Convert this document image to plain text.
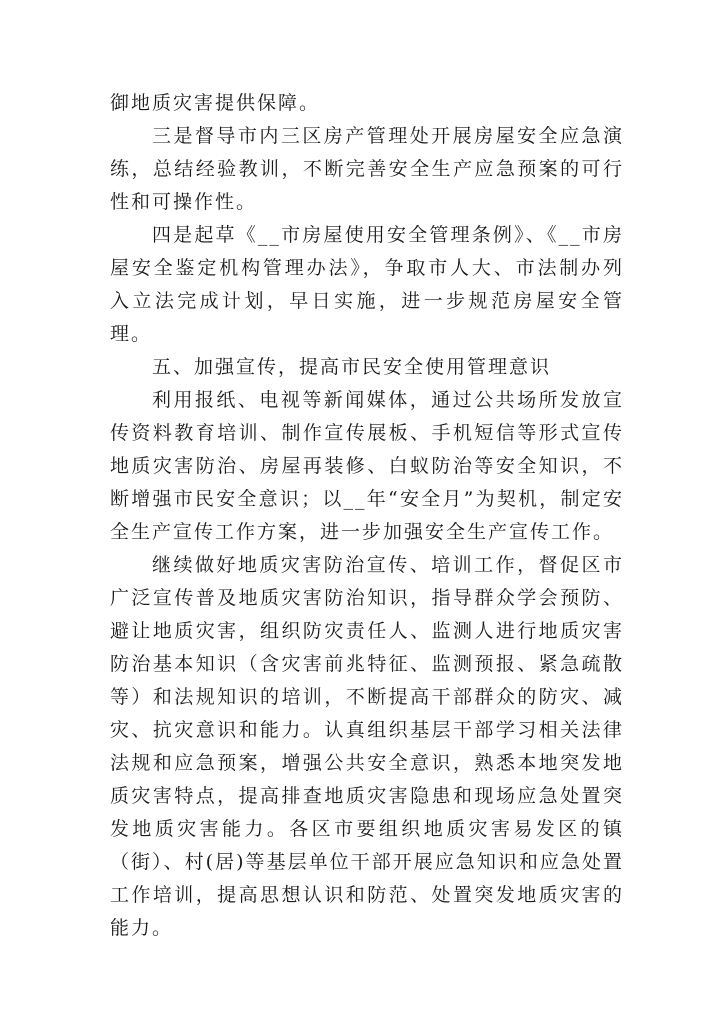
御地质灾害提供保障。

三是督导市内三区房产管理处开展房屋安全应急演练，总结经验教训，不断完善安全生产应急预案的可行性和可操作性。

四是起草《__市房屋使用安全管理条例》、《__市房屋安全鉴定机构管理办法》，争取市人大、市法制办列入立法完成计划，早日实施，进一步规范房屋安全管理。

五、加强宣传，提高市民安全使用管理意识

利用报纸、电视等新闻媒体，通过公共场所发放宣传资料教育培训、制作宣传展板、手机短信等形式宣传地质灾害防治、房屋再装修、白蚁防治等安全知识，不断增强市民安全意识；以__年“安全月”为契机，制定安全生产宣传工作方案，进一步加强安全生产宣传工作。

继续做好地质灾害防治宣传、培训工作，督促区市广泛宣传普及地质灾害防治知识，指导群众学会预防、避让地质灾害，组织防灾责任人、监测人进行地质灾害防治基本知识（含灾害前兆特征、监测预报、紧急疏散等）和法规知识的培训，不断提高干部群众的防灾、减灾、抗灾意识和能力。认真组织基层干部学习相关法律法规和应急预案，增强公共安全意识，熟悉本地突发地质灾害特点，提高排查地质灾害隐患和现场应急处置突发地质灾害能力。各区市要组织地质灾害易发区的镇（街）、村(居)等基层单位干部开展应急知识和应急处置工作培训，提高思想认识和防范、处置突发地质灾害的能力。
